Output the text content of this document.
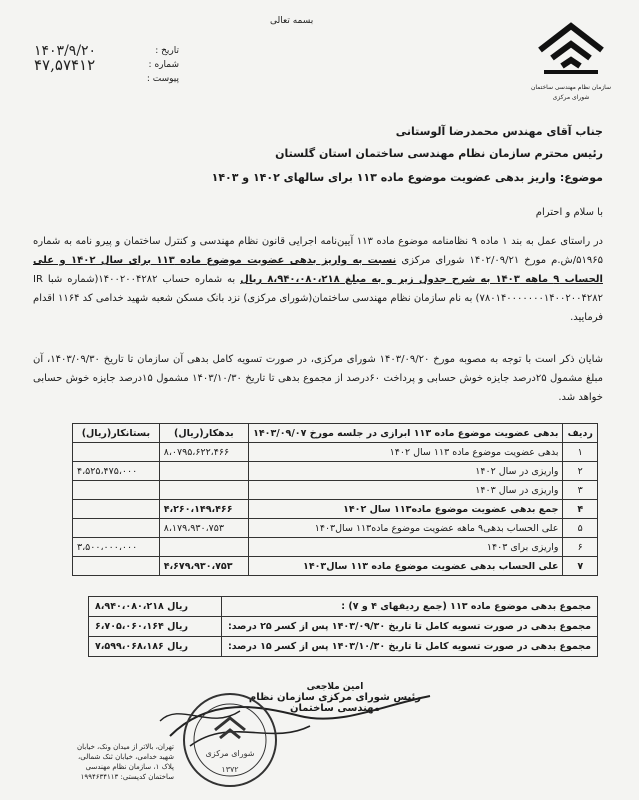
بسمه تعالی
تاریخ :
۱۴۰۳/۹/۲۰
شماره :
۴۷,۵۷۴۱۲
پیوست :
سازمان نظام مهندسی ساختمان
شورای مرکزی
جناب آقای مهندس محمدرضا آلوستانی
رئیس محترم سازمان نظام مهندسی ساختمان استان گلستان
موضوع: واریز بدهی عضویت موضوع ماده ۱۱۳ برای سالهای ۱۴۰۲ و ۱۴۰۳
با سلام و احترام
در راستای عمل به بند ۱ ماده ۹ نظامنامه موضوع ماده ۱۱۳ آیین‌نامه اجرایی قانون نظام مهندسی و کنترل ساختمان و پیرو نامه به شماره ۵۱۹۶۵/ش.م مورخ ۱۴۰۲/۰۹/۲۱ شورای مرکزی نسبت به واریز بدهی عضویت موضوع ماده ۱۱۳ برای سال ۱۴۰۲ و علی الحساب ۹ ماهه ۱۴۰۳ به شرح جدول زیر و به مبلغ ۸،۹۴۰،۰۸۰،۲۱۸ ریال به شماره حساب ۱۴۰۰۲۰۰۴۲۸۲(شماره شبا IR ۷۸۰۱۴۰۰۰۰۰۰۰۱۴۰۰۲۰۰۴۲۸۲) به نام سازمان نظام مهندسی ساختمان(شورای مرکزی) نزد بانک مسکن شعبه شهید خدامی کد ۱۱۶۴ اقدام فرمایید.
شایان ذکر است با توجه به مصوبه مورخ ۱۴۰۳/۰۹/۲۰ شورای مرکزی، در صورت تسویه کامل بدهی آن سازمان تا تاریخ ۱۴۰۳/۰۹/۳۰، آن مبلغ مشمول ۲۵درصد جایزه خوش حسابی و پرداخت ۶۰درصد از مجموع بدهی تا تاریخ ۱۴۰۳/۱۰/۳۰ مشمول ۱۵درصد جایزه خوش حسابی خواهد شد.
ردیف	بدهی عضویت موضوع ماده ۱۱۳ ابرازی در جلسه مورخ ۱۴۰۳/۰۹/۰۷	بدهکار(ریال)	بستانکار(ریال)
۱	بدهی عضویت موضوع ماده ۱۱۳ سال ۱۴۰۲	۸،۰۷۹۵،۶۲۲،۴۶۶	
۲	واریزی در سال ۱۴۰۲		۴،۵۲۵،۴۷۵،۰۰۰
۳	واریزی در سال ۱۴۰۳		
۴	جمع بدهی عضویت موضوع ماده۱۱۳ سال ۱۴۰۲	۴،۲۶۰،۱۴۹،۴۶۶	
۵	علی الحساب بدهی۹ ماهه عضویت موضوع ماده۱۱۳ سال۱۴۰۳	۸،۱۷۹،۹۳۰،۷۵۳	
۶	واریزی برای ۱۴۰۳		۳،۵۰۰،۰۰۰،۰۰۰
۷	علی الحساب بدهی عضویت موضوع ماده ۱۱۳ سال۱۴۰۳	۴،۶۷۹،۹۳۰،۷۵۳	
مجموع بدهی موضوع ماده ۱۱۳ (جمع ردیفهای ۴ و ۷) :	ریال ۸،۹۴۰،۰۸۰،۲۱۸
مجموع بدهی در صورت تسویه کامل تا تاریخ ۱۴۰۳/۰۹/۳۰ پس از کسر ۲۵ درصد:	ریال ۶،۷۰۵،۰۶۰،۱۶۴
مجموع بدهی در صورت تسویه کامل تا تاریخ ۱۴۰۳/۱۰/۳۰ پس از کسر ۱۵ درصد:	ریال ۷،۵۹۹،۰۶۸،۱۸۶
امین ملاجعی
رئیس شورای مرکزی سازمان نظام مهندسی ساختمان
شورای مرکزی
۱۳۷۲
تهران، بالاتر از میدان ونک، خیابان
شهید خدامی، خیابان ثنک شمالی،
پلاک ۱، سازمان نظام مهندسی
ساختمان کدپستی: ۱۹۹۴۶۳۴۱۱۳
